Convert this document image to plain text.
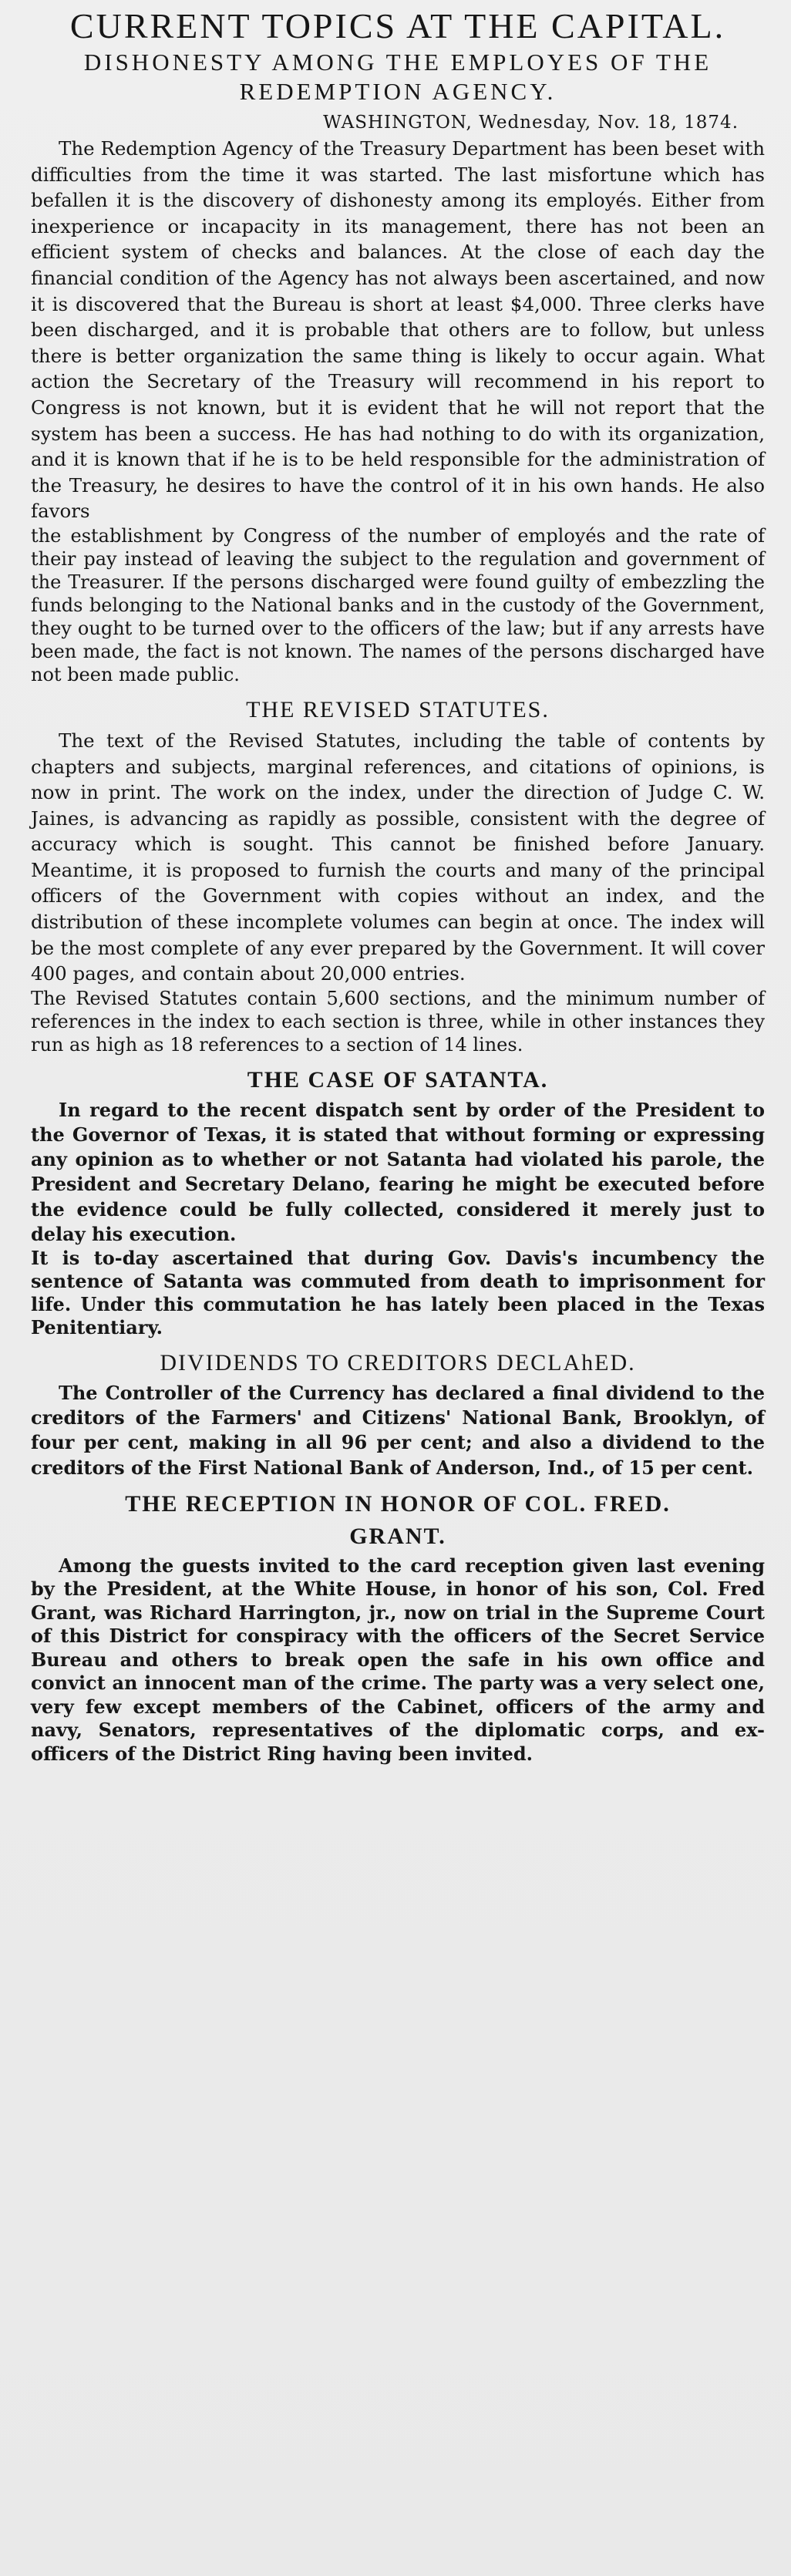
CURRENT TOPICS AT THE CAPITAL.
DISHONESTY AMONG THE EMPLOYES OF THE
REDEMPTION AGENCY.
WASHINGTON, Wednesday, Nov. 18, 1874.

The Redemption Agency of the Treasury Department has been beset with difficulties from the time it was started. The last misfortune which has befallen it is the discovery of dishonesty among its employés. Either from inexperience or incapacity in its management, there has not been an efficient system of checks and balances. At the close of each day the financial condition of the Agency has not always been ascertained, and now it is discovered that the Bureau is short at least $4,000. Three clerks have been discharged, and it is probable that others are to follow, but unless there is better organization the same thing is likely to occur again. What action the Secretary of the Treasury will recommend in his report to Congress is not known, but it is evident that he will not report that the system has been a success. He has had nothing to do with its organization, and it is known that if he is to be held responsible for the administration of the Treasury, he desires to have the control of it in his own hands. He also favors

the establishment by Congress of the number of employés and the rate of their pay instead of leaving the subject to the regulation and government of the Treasurer. If the persons discharged were found guilty of embezzling the funds belonging to the National banks and in the custody of the Government, they ought to be turned over to the officers of the law; but if any arrests have been made, the fact is not known. The names of the persons discharged have not been made public.

THE REVISED STATUTES.

The text of the Revised Statutes, including the table of contents by chapters and subjects, marginal references, and citations of opinions, is now in print. The work on the index, under the direction of Judge C. W. Jaines, is advancing as rapidly as possible, consistent with the degree of accuracy which is sought. This cannot be finished before January. Meantime, it is proposed to furnish the courts and many of the principal officers of the Government with copies without an index, and the distribution of these incomplete volumes can begin at once. The index will be the most complete of any ever prepared by the Government. It will cover 400 pages, and contain about 20,000 entries.

The Revised Statutes contain 5,600 sections, and the minimum number of references in the index to each section is three, while in other instances they run as high as 18 references to a section of 14 lines.

THE CASE OF SATANTA.

In regard to the recent dispatch sent by order of the President to the Governor of Texas, it is stated that without forming or expressing any opinion as to whether or not Satanta had violated his parole, the President and Secretary Delano, fearing he might be executed before the evidence could be fully collected, considered it merely just to delay his execution.

It is to-day ascertained that during Gov. Davis's incumbency the sentence of Satanta was commuted from death to imprisonment for life. Under this commutation he has lately been placed in the Texas Penitentiary.

DIVIDENDS TO CREDITORS DECLAhED.

The Controller of the Currency has declared a final dividend to the creditors of the Farmers' and Citizens' National Bank, Brooklyn, of four per cent, making in all 96 per cent; and also a dividend to the creditors of the First National Bank of Anderson, Ind., of 15 per cent.

THE RECEPTION IN HONOR OF COL. FRED.
GRANT.

Among the guests invited to the card reception given last evening by the President, at the White House, in honor of his son, Col. Fred Grant, was Richard Harrington, jr., now on trial in the Supreme Court of this District for conspiracy with the officers of the Secret Service Bureau and others to break open the safe in his own office and convict an innocent man of the crime. The party was a very select one, very few except members of the Cabinet, officers of the army and navy, Senators, representatives of the diplomatic corps, and ex-officers of the District Ring having been invited.
